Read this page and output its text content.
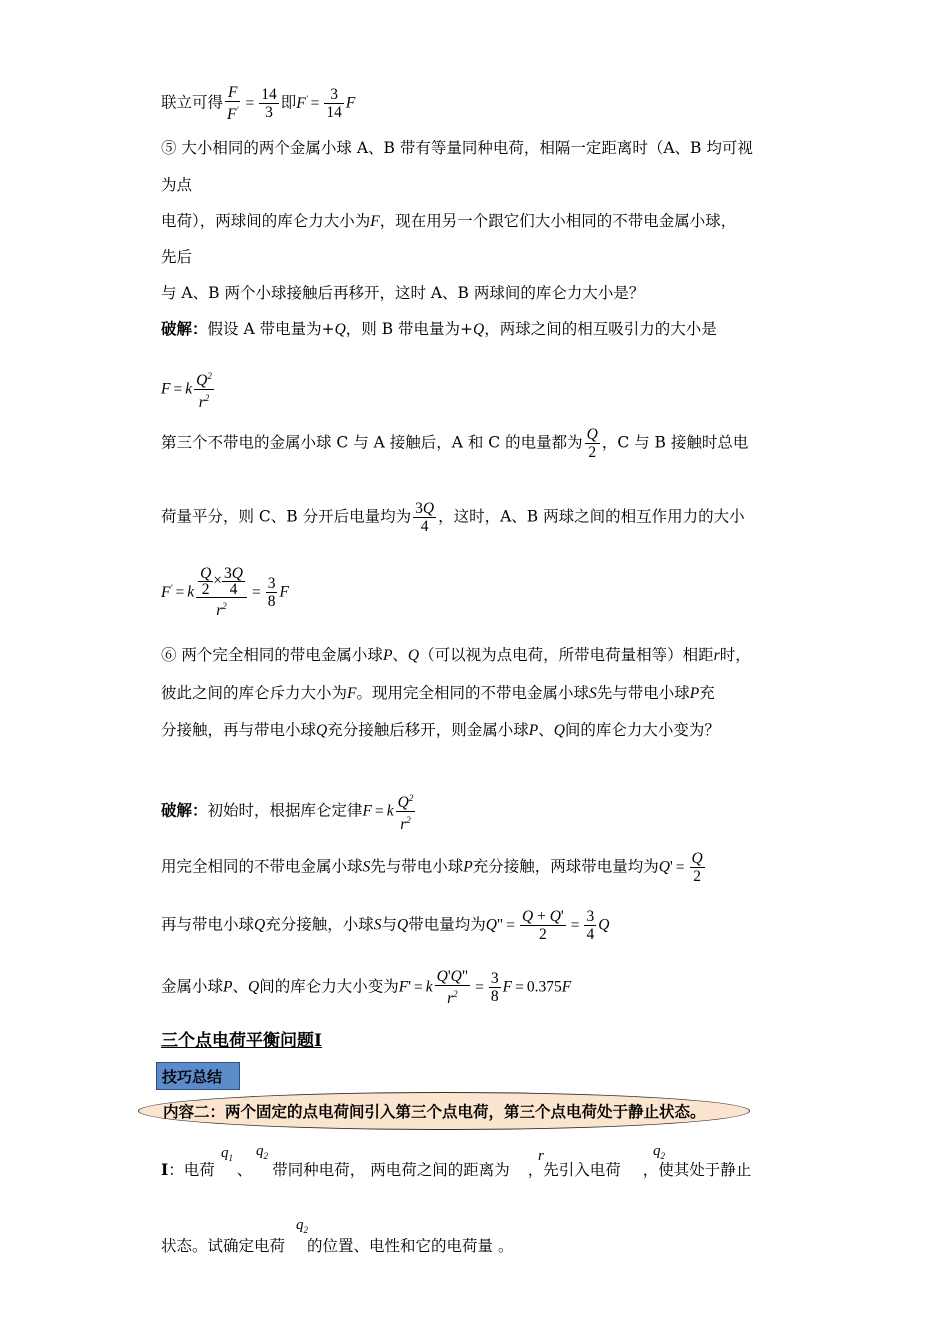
联立可得 $\frac{F}{F'} = \frac{14}{3}$ 即$F' = \frac{3}{14}$ F
⑤ 大小相同的两个金属小球 A、B 带有等量同种电荷，相隔一定距离时（A、B 均可视
为点
电荷），两球间的库仑力大小为F，现在用另一个跟它们大小相同的不带电金属小球，
先后
与 A、B 两个小球接触后再移开，这时 A、B 两球间的库仑力大小是？
破解：假设 A 带电量为+Q，则 B 带电量为+Q，两球之间的相互吸引力的大小是
F = k $\frac{Q^2}{r^2}$
第三个不带电的金属小球 C 与 A 接触后，A 和 C 的电量都为 $\frac{Q}{2}$ ，C 与 B 接触时总电
荷量平分，则 C、B 分开后电量均为 $\frac{3Q}{4}$ ，这时，A、B 两球之间的相互作用力的大小
F′ = k $\frac{\frac{Q}{2} \times \frac{3Q}{4}}{r^2} = \frac{3}{8}$ F
⑥ 两个完全相同的带电金属小球P、Q（可以视为点电荷，所带电荷量相等）相距r时，
彼此之间的库仑斥力大小为F。现用完全相同的不带电金属小球S先与带电小球P充
分接触，再与带电小球Q充分接触后移开，则金属小球P、Q间的库仑力大小变为？
破解：初始时，根据库仑定律F = k $\frac{Q^2}{r^2}$
用完全相同的不带电金属小球S先与带电小球P充分接触，两球带电量均为$Q' = \frac{Q}{2}$
再与带电小球Q充分接触，小球S与Q带电量均为Q" = $\frac{Q + Q'}{2} = \frac{3}{4}$ Q
金属小球P、Q间的库仑力大小变为F' = k $\frac{Q'Q"}{r^2} = \frac{3}{8}$ F = 0.375F
三个点电荷平衡问题Ⅰ
技巧总结
内容二：两个固定的点电荷间引入第三个点电荷，第三个点电荷处于静止状态。
$q_1$ $q_2$	r	$q_2$
I：电荷 、 带同种电荷， 两电荷之间的距离为 ，先引入电荷 ，使其处于静止
$q_2$
状态。试确定电荷 的位置、电性和它的电荷量 。
